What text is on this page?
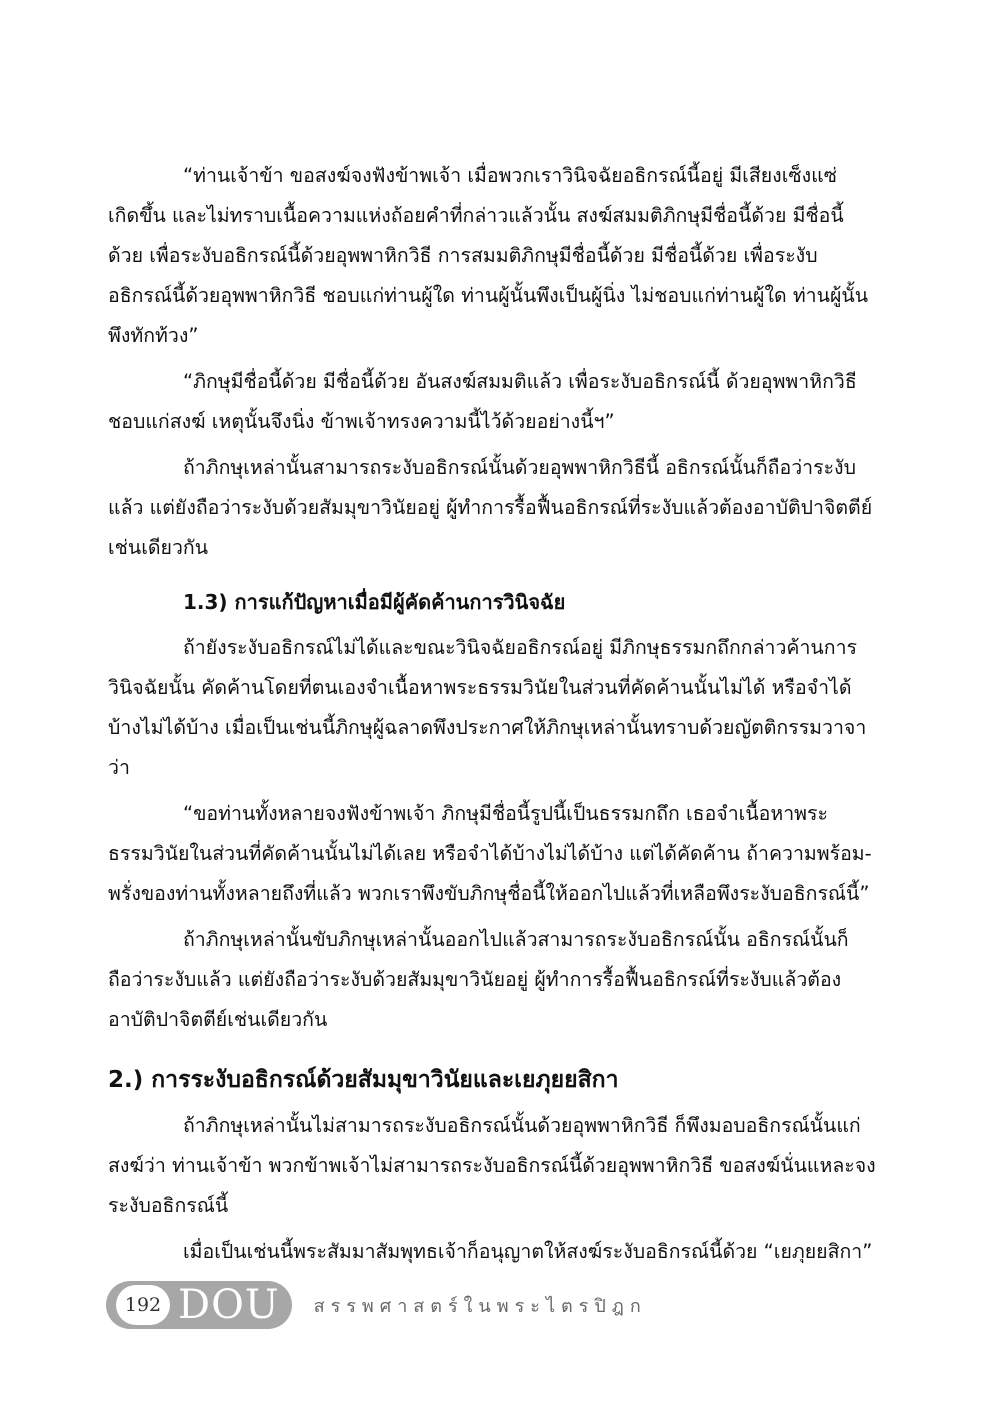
“ท่านเจ้าข้า ขอสงฆ์จงฟังข้าพเจ้า เมื่อพวกเราวินิจฉัยอธิกรณ์นี้อยู่ มีเสียงเซ็งแซ่
เกิดขึ้น และไม่ทราบเนื้อความแห่งถ้อยคำที่กล่าวแล้วนั้น สงฆ์สมมติภิกษุมีชื่อนี้ด้วย มีชื่อนี้
ด้วย เพื่อระงับอธิกรณ์นี้ด้วยอุพพาหิกวิธี การสมมติภิกษุมีชื่อนี้ด้วย มีชื่อนี้ด้วย เพื่อระงับ
อธิกรณ์นี้ด้วยอุพพาหิกวิธี ชอบแก่ท่านผู้ใด ท่านผู้นั้นพึงเป็นผู้นิ่ง ไม่ชอบแก่ท่านผู้ใด ท่านผู้นั้น
พึงทักท้วง”
“ภิกษุมีชื่อนี้ด้วย มีชื่อนี้ด้วย อันสงฆ์สมมติแล้ว เพื่อระงับอธิกรณ์นี้ ด้วยอุพพาหิกวิธี
ชอบแก่สงฆ์ เหตุนั้นจึงนิ่ง ข้าพเจ้าทรงความนี้ไว้ด้วยอย่างนี้ฯ”
ถ้าภิกษุเหล่านั้นสามารถระงับอธิกรณ์นั้นด้วยอุพพาหิกวิธีนี้ อธิกรณ์นั้นก็ถือว่าระงับ
แล้ว แต่ยังถือว่าระงับด้วยสัมมุขาวินัยอยู่ ผู้ทำการรื้อฟื้นอธิกรณ์ที่ระงับแล้วต้องอาบัติปาจิตตีย์
เช่นเดียวกัน
1.3) การแก้ปัญหาเมื่อมีผู้คัดค้านการวินิจฉัย
ถ้ายังระงับอธิกรณ์ไม่ได้และขณะวินิจฉัยอธิกรณ์อยู่ มีภิกษุธรรมกถึกกล่าวค้านการ
วินิจฉัยนั้น คัดค้านโดยที่ตนเองจำเนื้อหาพระธรรมวินัยในส่วนที่คัดค้านนั้นไม่ได้ หรือจำได้
บ้างไม่ได้บ้าง เมื่อเป็นเช่นนี้ภิกษุผู้ฉลาดพึงประกาศให้ภิกษุเหล่านั้นทราบด้วยญัตติกรรมวาจา
ว่า
“ขอท่านทั้งหลายจงฟังข้าพเจ้า ภิกษุมีชื่อนี้รูปนี้เป็นธรรมกถึก เธอจำเนื้อหาพระ
ธรรมวินัยในส่วนที่คัดค้านนั้นไม่ได้เลย หรือจำได้บ้างไม่ได้บ้าง แต่ได้คัดค้าน ถ้าความพร้อม-
พรั่งของท่านทั้งหลายถึงที่แล้ว พวกเราพึงขับภิกษุชื่อนี้ให้ออกไปแล้วที่เหลือพึงระงับอธิกรณ์นี้”
ถ้าภิกษุเหล่านั้นขับภิกษุเหล่านั้นออกไปแล้วสามารถระงับอธิกรณ์นั้น อธิกรณ์นั้นก็
ถือว่าระงับแล้ว แต่ยังถือว่าระงับด้วยสัมมุขาวินัยอยู่ ผู้ทำการรื้อฟื้นอธิกรณ์ที่ระงับแล้วต้อง
อาบัติปาจิตตีย์เช่นเดียวกัน
2.) การระงับอธิกรณ์ด้วยสัมมุขาวินัยและเยภุยยสิกา
ถ้าภิกษุเหล่านั้นไม่สามารถระงับอธิกรณ์นั้นด้วยอุพพาหิกวิธี ก็พึงมอบอธิกรณ์นั้นแก่
สงฆ์ว่า ท่านเจ้าข้า พวกข้าพเจ้าไม่สามารถระงับอธิกรณ์นี้ด้วยอุพพาหิกวิธี ขอสงฆ์นั่นแหละจง
ระงับอธิกรณ์นี้
เมื่อเป็นเช่นนี้พระสัมมาสัมพุทธเจ้าก็อนุญาตให้สงฆ์ระงับอธิกรณ์นี้ด้วย “เยภุยยสิกา”
192 DOU สรรพศาสตร์ในพระไตรปิฎก
